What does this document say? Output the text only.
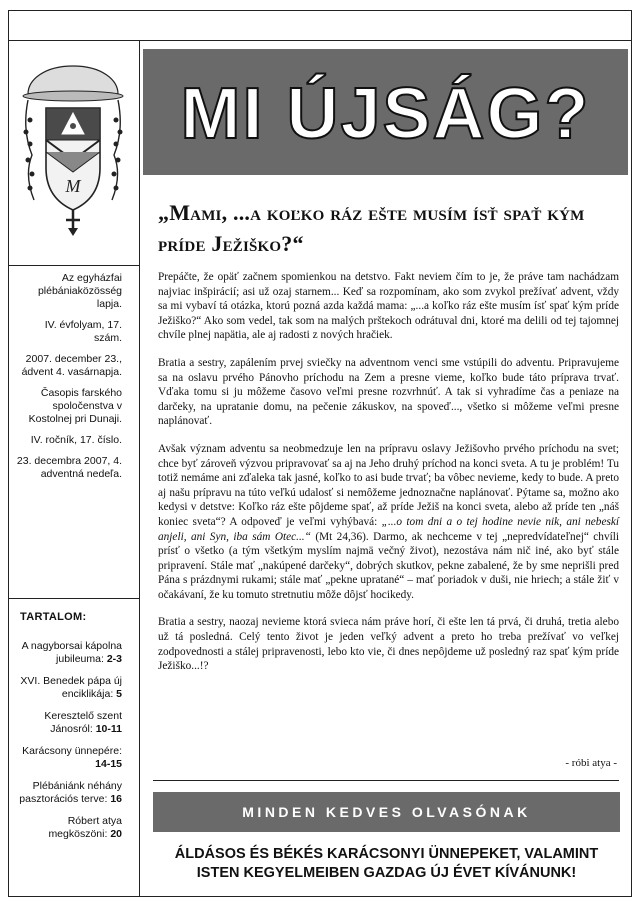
M

Az egyházfai plébániaközösség lapja.

IV. évfolyam, 17. szám.

2007. december 23., ádvent 4. vasárnapja.

Časopis farského spoločenstva v Kostolnej pri Dunaji.

IV. ročník, 17. číslo.

23. decembra 2007, 4. adventná nedeľa.

TARTALOM:
A nagyborsai kápolna jubileuma: 2-3
XVI. Benedek pápa új enciklikája: 5
Keresztelő szent Jánosról: 10-11
Karácsony ünnepére: 14-15
Plébániánk néhány pasztorációs terve: 16
Róbert atya megköszöni: 20
MI ÚJSÁG?
„Mami, ...a koľko ráz ešte musím ísť spať kým príde Ježiško?“

Prepáčte, že opäť začnem spomienkou na detstvo. Fakt neviem čím to je, že práve tam nachádzam najviac inšpirácií; asi už ozaj starnem... Keď sa rozpomínam, ako som zvykol prežívať advent, vždy sa mi vybaví tá otázka, ktorú pozná azda každá mama: „...a koľko ráz ešte musím ísť spať kým príde Ježiško?“ Ako som vedel, tak som na malých prštekoch odrátuval dni, ktoré ma delili od tej tajomnej chvíle plnej napätia, ale aj radosti z nových hračiek.

Bratia a sestry, zapálením prvej sviečky na adventnom venci sme vstúpili do adventu. Pripravujeme sa na oslavu prvého Pánovho príchodu na Zem a presne vieme, koľko bude táto príprava trvať. Vďaka tomu si ju môžeme časovo veľmi presne rozvrhnúť. A tak si vyhradíme čas a peniaze na darčeky, na upratanie domu, na pečenie zákuskov, na spoveď..., všetko si môžeme veľmi presne naplánovať.

Avšak význam adventu sa neobmedzuje len na prípravu oslavy Ježišovho prvého príchodu na svet; chce byť zároveň výzvou pripravovať sa aj na Jeho druhý príchod na konci sveta. A tu je problém! Tu totiž nemáme ani zďaleka tak jasné, koľko to asi bude trvať; ba vôbec nevieme, kedy to bude. A preto aj našu prípravu na túto veľkú udalosť si nemôžeme jednoznačne naplánovať. Pýtame sa, možno ako kedysi v detstve: Koľko ráz ešte pôjdeme spať, až príde Ježiš na konci sveta, alebo až príde ten „náš koniec sveta“? A odpoveď je veľmi vyhýbavá: „...o tom dni a o tej hodine nevie nik, ani nebeskí anjeli, ani Syn, iba sám Otec...“ (Mt 24,36). Darmo, ak nechceme v tej „nepredvídateľnej“ chvíli prísť o všetko (a tým všetkým myslím najmä večný život), nezostáva nám nič iné, ako byť stále pripravení. Stále mať „nakúpené darčeky“, dobrých skutkov, pekne zabalené, že by sme neprišli pred Pána s prázdnymi rukami; stále mať „pekne upratané“ – mať poriadok v duši, nie hriech; a stále žiť v očakávaní, že ku tomuto stretnutiu môže dôjsť hocikedy.

Bratia a sestry, naozaj nevieme ktorá svieca nám práve horí, či ešte len tá prvá, či druhá, tretia alebo už tá posledná. Celý tento život je jeden veľký advent a preto ho treba prežívať vo veľkej zodpovednosti a stálej pripravenosti, lebo kto vie, či dnes nepôjdeme už posledný raz spať kým príde Ježiško...!?

- róbi atya -
MINDEN KEDVES OLVASÓNAK
ÁLDÁSOS ÉS BÉKÉS KARÁCSONYI ÜNNEPEKET, VALAMINT ISTEN KEGYELMEIBEN GAZDAG ÚJ ÉVET KÍVÁNUNK!
